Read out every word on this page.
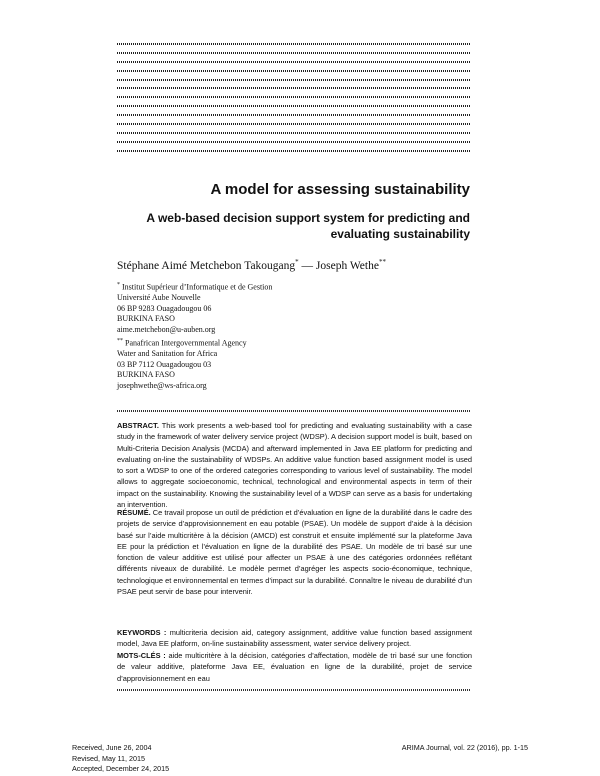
A model for assessing sustainability
A web-based decision support system for predicting and evaluating sustainability
Stéphane Aimé Metchebon Takougang* — Joseph Wethe**
* Institut Supérieur d’Informatique et de Gestion
Université Aube Nouvelle
06 BP 9283 Ouagadougou 06
BURKINA FASO
aime.metchebon@u-auben.org
** Panafrican Intergovernmental Agency
Water and Sanitation for Africa
03 BP 7112 Ouagadougou 03
BURKINA FASO
josephwethe@ws-africa.org
ABSTRACT. This work presents a web-based tool for predicting and evaluating sustainability with a case study in the framework of water delivery service project (WDSP). A decision support model is built, based on Multi-Criteria Decision Analysis (MCDA) and afterward implemented in Java EE platform for predicting and evaluating on-line the sustainability of WDSPs. An additive value function based assignment model is used to sort a WDSP to one of the ordered categories corresponding to various level of sustainability. The model allows to aggregate socioeconomic, technical, technological and environmental aspects in term of their impact on the sustainability. Knowing the sustainability level of a WDSP can serve as a basis for undertaking an intervention.
RÉSUMÉ. Ce travail propose un outil de prédiction et d’évaluation en ligne de la durabilité dans le cadre des projets de service d’approvisionnement en eau potable (PSAE). Un modèle de support d’aide à la décision basé sur l’aide multicritère à la décision (AMCD) est construit et ensuite implémenté sur la plateforme Java EE pour la prédiction et l’évaluation en ligne de la durabilité des PSAE. Un modèle de tri basé sur une fonction de valeur additive est utilisé pour affecter un PSAE à une des catégories ordonnées reflétant différents niveaux de durabilité. Le modèle permet d’agréger les aspects socio-économique, technique, technologique et environnemental en termes d’impact sur la durabilité. Connaître le niveau de durabilité d’un PSAE peut servir de base pour intervenir.
KEYWORDS : multicriteria decision aid, category assignment, additive value function based assignment model, Java EE platform, on-line sustainability assessment, water service delivery project.
MOTS-CLÉS : aide multicritère à la décision, catégories d’affectation, modèle de tri basé sur une fonction de valeur additive, plateforme Java EE, évaluation en ligne de la durabilité, projet de service d’approvisionnement en eau
Received, June 26, 2004
Revised, May 11, 2015
Accepted, December 24, 2015
ARIMA Journal, vol. 22 (2016), pp. 1-15
